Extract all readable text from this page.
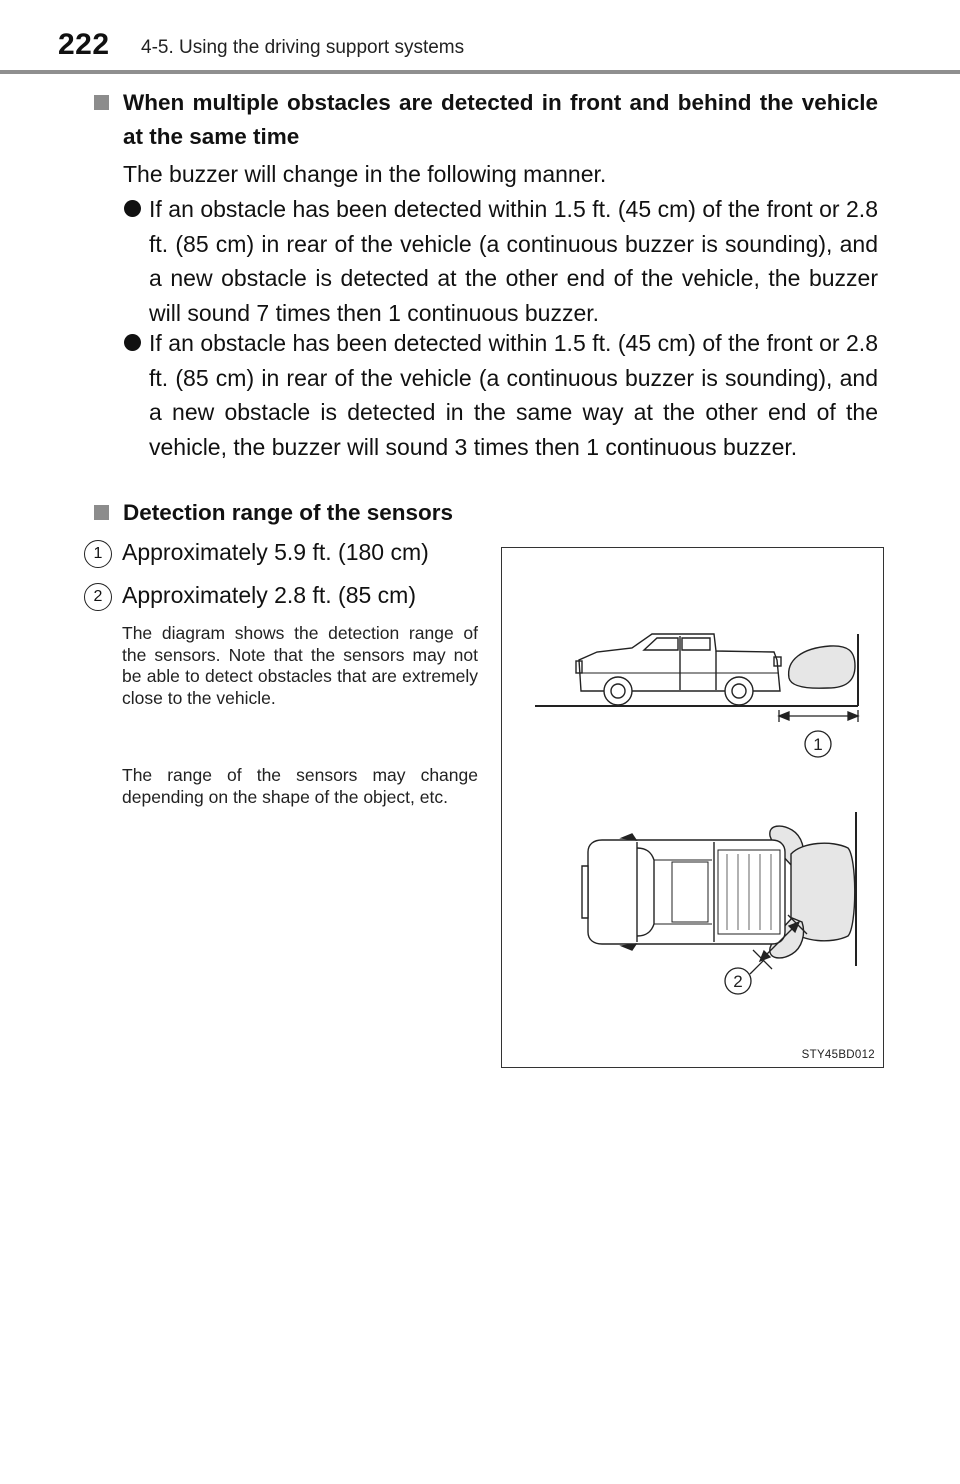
222 4-5. Using the driving support systems
When multiple obstacles are detected in front and behind the vehicle at the same time
The buzzer will change in the following manner.
If an obstacle has been detected within 1.5 ft. (45 cm) of the front or 2.8 ft. (85 cm) in rear of the vehicle (a continuous buzzer is sounding), and a new obstacle is detected at the other end of the vehicle, the buzzer will sound 7 times then 1 continuous buzzer.
If an obstacle has been detected within 1.5 ft. (45 cm) of the front or 2.8 ft. (85 cm) in rear of the vehicle (a continuous buzzer is sounding), and a new obstacle is detected in the same way at the other end of the vehicle, the buzzer will sound 3 times then 1 continuous buzzer.
Detection range of the sensors
1 Approximately 5.9 ft. (180 cm)
2 Approximately 2.8 ft. (85 cm)
The diagram shows the detection range of the sensors. Note that the sensors may not be able to detect obstacles that are extremely close to the vehicle.
The range of the sensors may change depending on the shape of the object, etc.
1
2
STY45BD012
